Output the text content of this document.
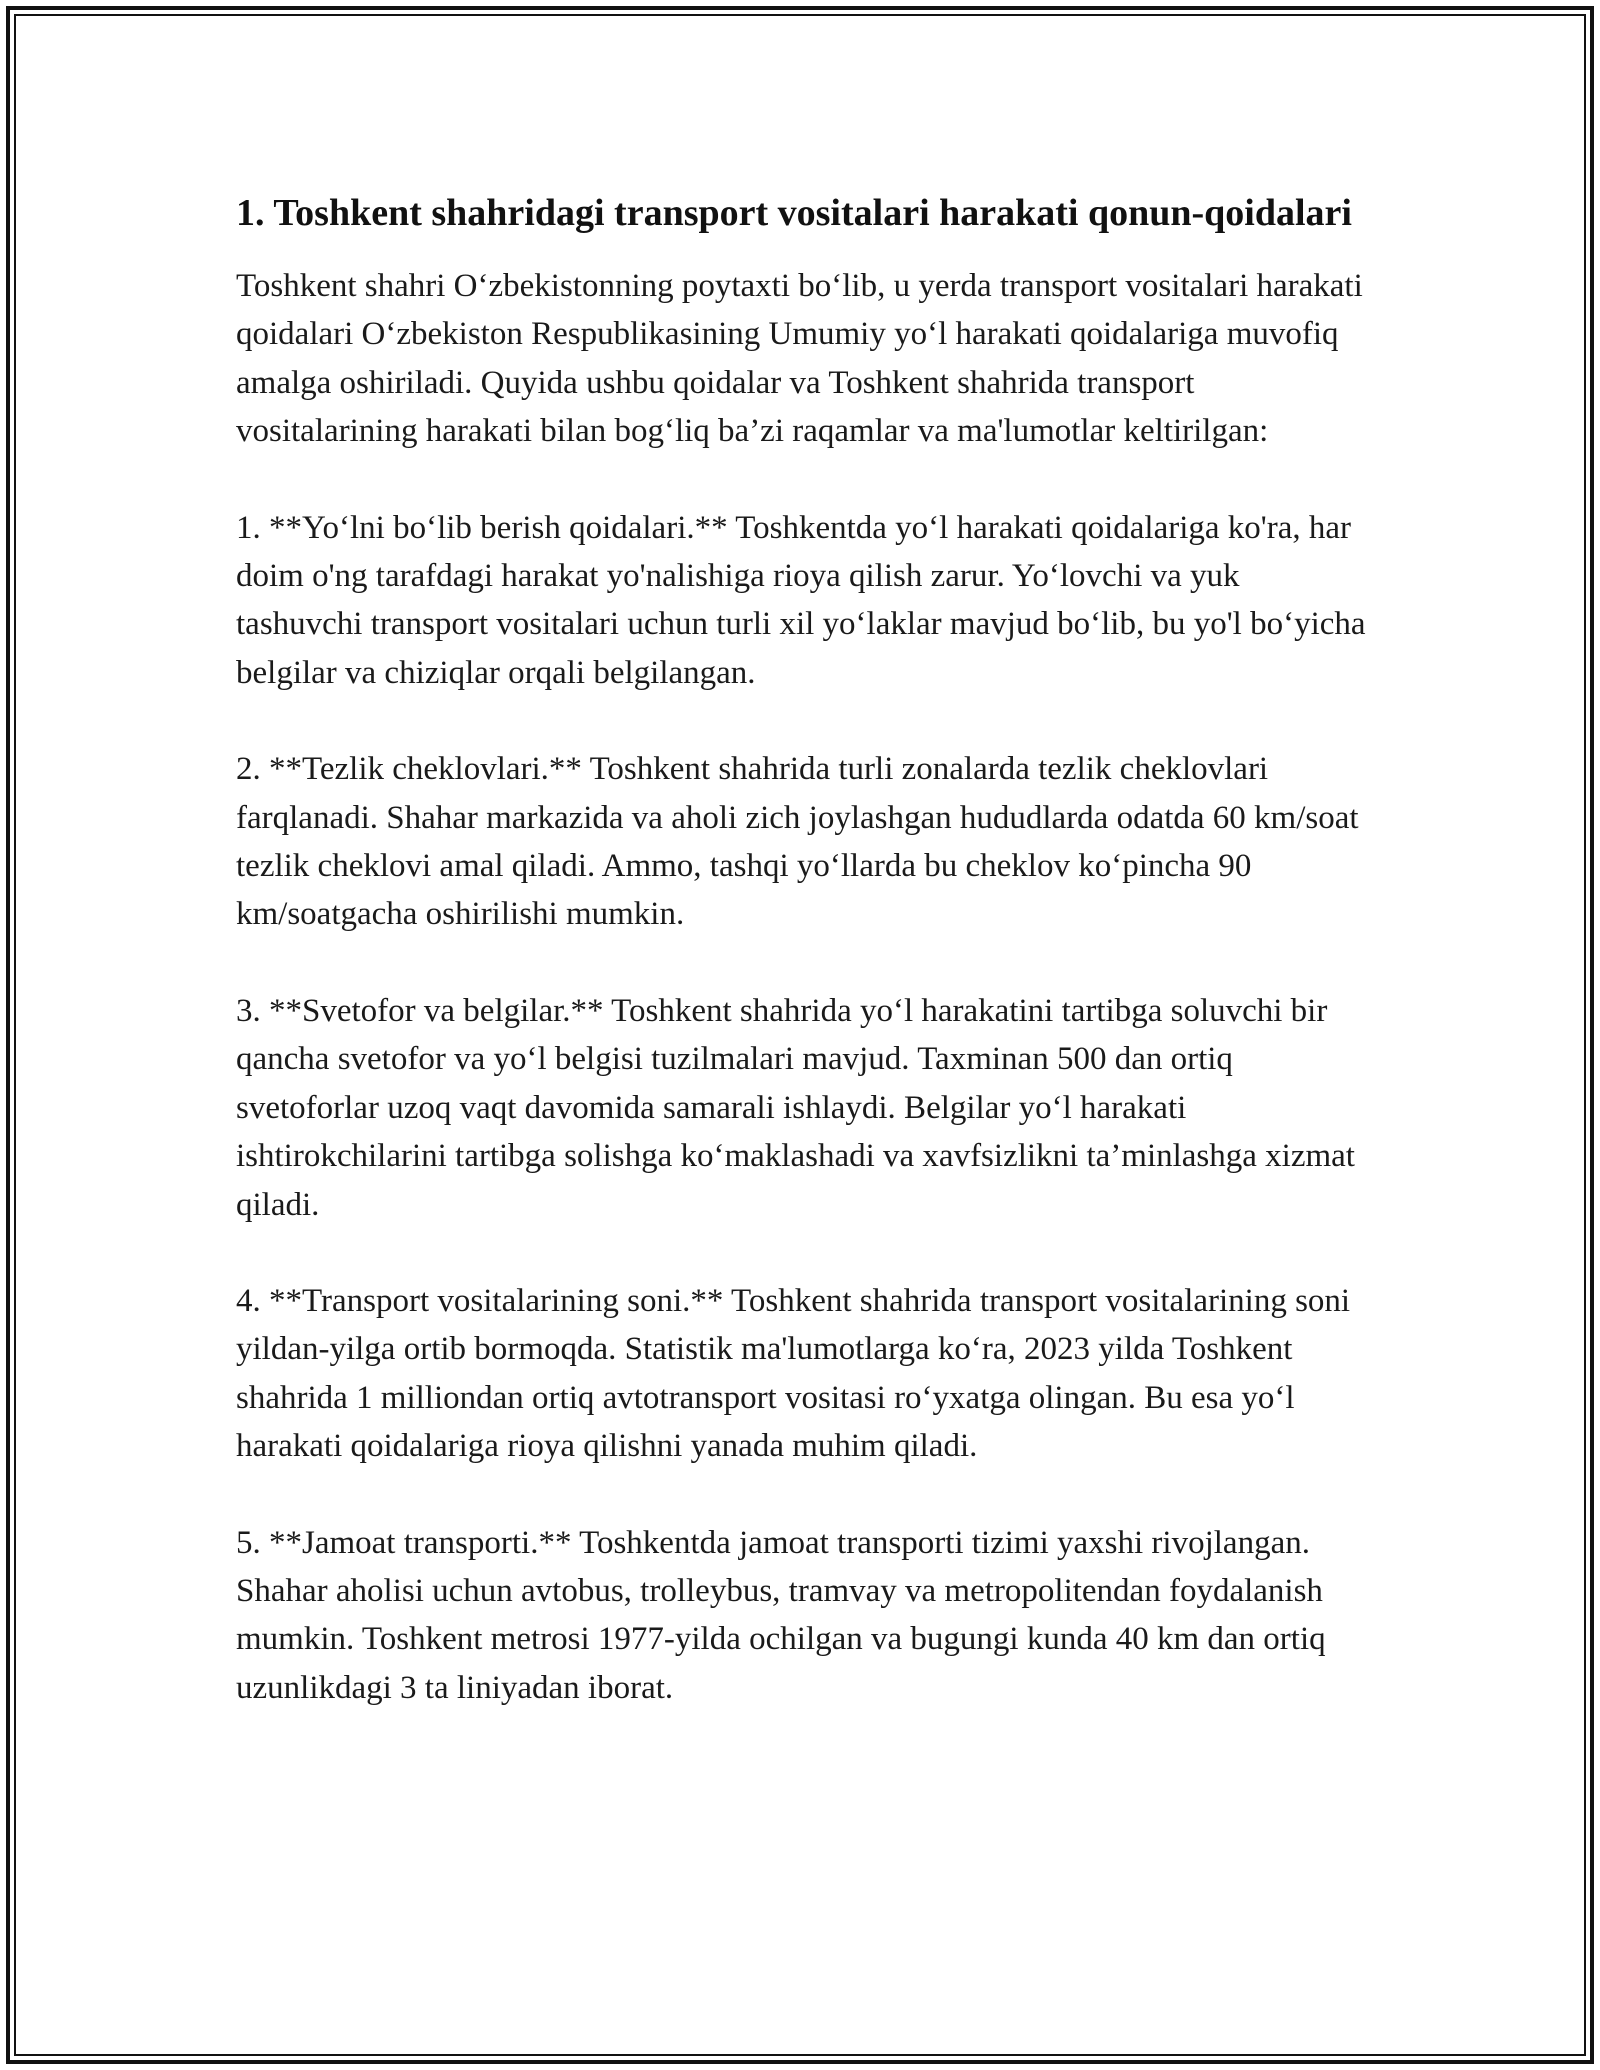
1. Toshkent shahridagi transport vositalari harakati qonun-qoidalari

Toshkent shahri O‘zbekistonning poytaxti bo‘lib, u yerda transport vositalari harakati qoidalari O‘zbekiston Respublikasining Umumiy yo‘l harakati qoidalariga muvofiq amalga oshiriladi. Quyida ushbu qoidalar va Toshkent shahrida transport vositalarining harakati bilan bog‘liq ba’zi raqamlar va ma'lumotlar keltirilgan:

1. **Yo‘lni bo‘lib berish qoidalari.** Toshkentda yo‘l harakati qoidalariga ko'ra, har doim o'ng tarafdagi harakat yo'nalishiga rioya qilish zarur. Yo‘lovchi va yuk tashuvchi transport vositalari uchun turli xil yo‘laklar mavjud bo‘lib, bu yo'l bo‘yicha belgilar va chiziqlar orqali belgilangan.

2. **Tezlik cheklovlari.** Toshkent shahrida turli zonalarda tezlik cheklovlari farqlanadi. Shahar markazida va aholi zich joylashgan hududlarda odatda 60 km/soat tezlik cheklovi amal qiladi. Ammo, tashqi yo‘llarda bu cheklov ko‘pincha 90 km/soatgacha oshirilishi mumkin.

3. **Svetofor va belgilar.** Toshkent shahrida yo‘l harakatini tartibga soluvchi bir qancha svetofor va yo‘l belgisi tuzilmalari mavjud. Taxminan 500 dan ortiq svetoforlar uzoq vaqt davomida samarali ishlaydi. Belgilar yo‘l harakati ishtirokchilarini tartibga solishga ko‘maklashadi va xavfsizlikni ta’minlashga xizmat qiladi.

4. **Transport vositalarining soni.** Toshkent shahrida transport vositalarining soni yildan-yilga ortib bormoqda. Statistik ma'lumotlarga ko‘ra, 2023 yilda Toshkent shahrida 1 milliondan ortiq avtotransport vositasi ro‘yxatga olingan. Bu esa yo‘l harakati qoidalariga rioya qilishni yanada muhim qiladi.

5. **Jamoat transporti.** Toshkentda jamoat transporti tizimi yaxshi rivojlangan. Shahar aholisi uchun avtobus, trolleybus, tramvay va metropolitendan foydalanish mumkin. Toshkent metrosi 1977-yilda ochilgan va bugungi kunda 40 km dan ortiq uzunlikdagi 3 ta liniyadan iborat.
